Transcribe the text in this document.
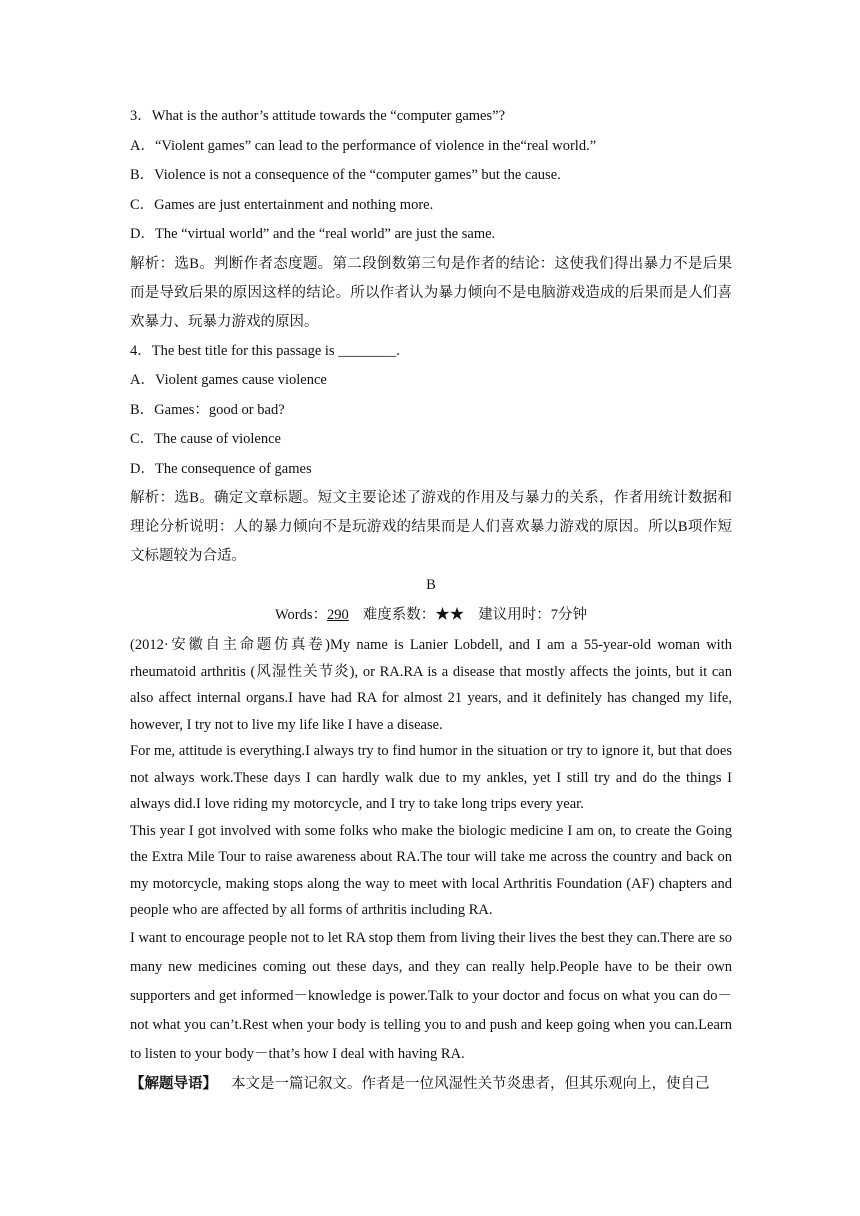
3．What is the author’s attitude towards the “computer games”?
A．“Violent games” can lead to the performance of violence in the“real world.”
B．Violence is not a consequence of the “computer games” but the cause.
C．Games are just entertainment and nothing more.
D．The “virtual world” and the “real world” are just the same.

解析：选B。判断作者态度题。第二段倒数第三句是作者的结论：这使我们得出暴力不是后果而是导致后果的原因这样的结论。所以作者认为暴力倾向不是电脑游戏造成的后果而是人们喜欢暴力、玩暴力游戏的原因。

4．The best title for this passage is ________.
A．Violent games cause violence
B．Games：good or bad?
C．The cause of violence
D．The consequence of games

解析：选B。确定文章标题。短文主要论述了游戏的作用及与暴力的关系，作者用统计数据和理论分析说明：人的暴力倾向不是玩游戏的结果而是人们喜欢暴力游戏的原因。所以B项作短文标题较为合适。

B
Words：290 难度系数：★★ 建议用时：7分钟

(2012·安徽自主命题仿真卷)My name is Lanier Lobdell, and I am a 55-year-old woman with rheumatoid arthritis (风湿性关节炎), or RA.RA is a disease that mostly affects the joints, but it can also affect internal organs.I have had RA for almost 21 years, and it definitely has changed my life, however, I try not to live my life like I have a disease.

For me, attitude is everything.I always try to find humor in the situation or try to ignore it, but that does not always work.These days I can hardly walk due to my ankles, yet I still try and do the things I always did.I love riding my motorcycle, and I try to take long trips every year.

This year I got involved with some folks who make the biologic medicine I am on, to create the Going the Extra Mile Tour to raise awareness about RA.The tour will take me across the country and back on my motorcycle, making stops along the way to meet with local Arthritis Foundation (AF) chapters and people who are affected by all forms of arthritis including RA.

I want to encourage people not to let RA stop them from living their lives the best they can.There are so many new medicines coming out these days, and they can really help.People have to be their own supporters and get informed－knowledge is power.Talk to your doctor and focus on what you can do－not what you can’t.Rest when your body is telling you to and push and keep going when you can.Learn to listen to your body－that’s how I deal with having RA.

【解题导语】 本文是一篇记叙文。作者是一位风湿性关节炎患者，但其乐观向上，使自己
